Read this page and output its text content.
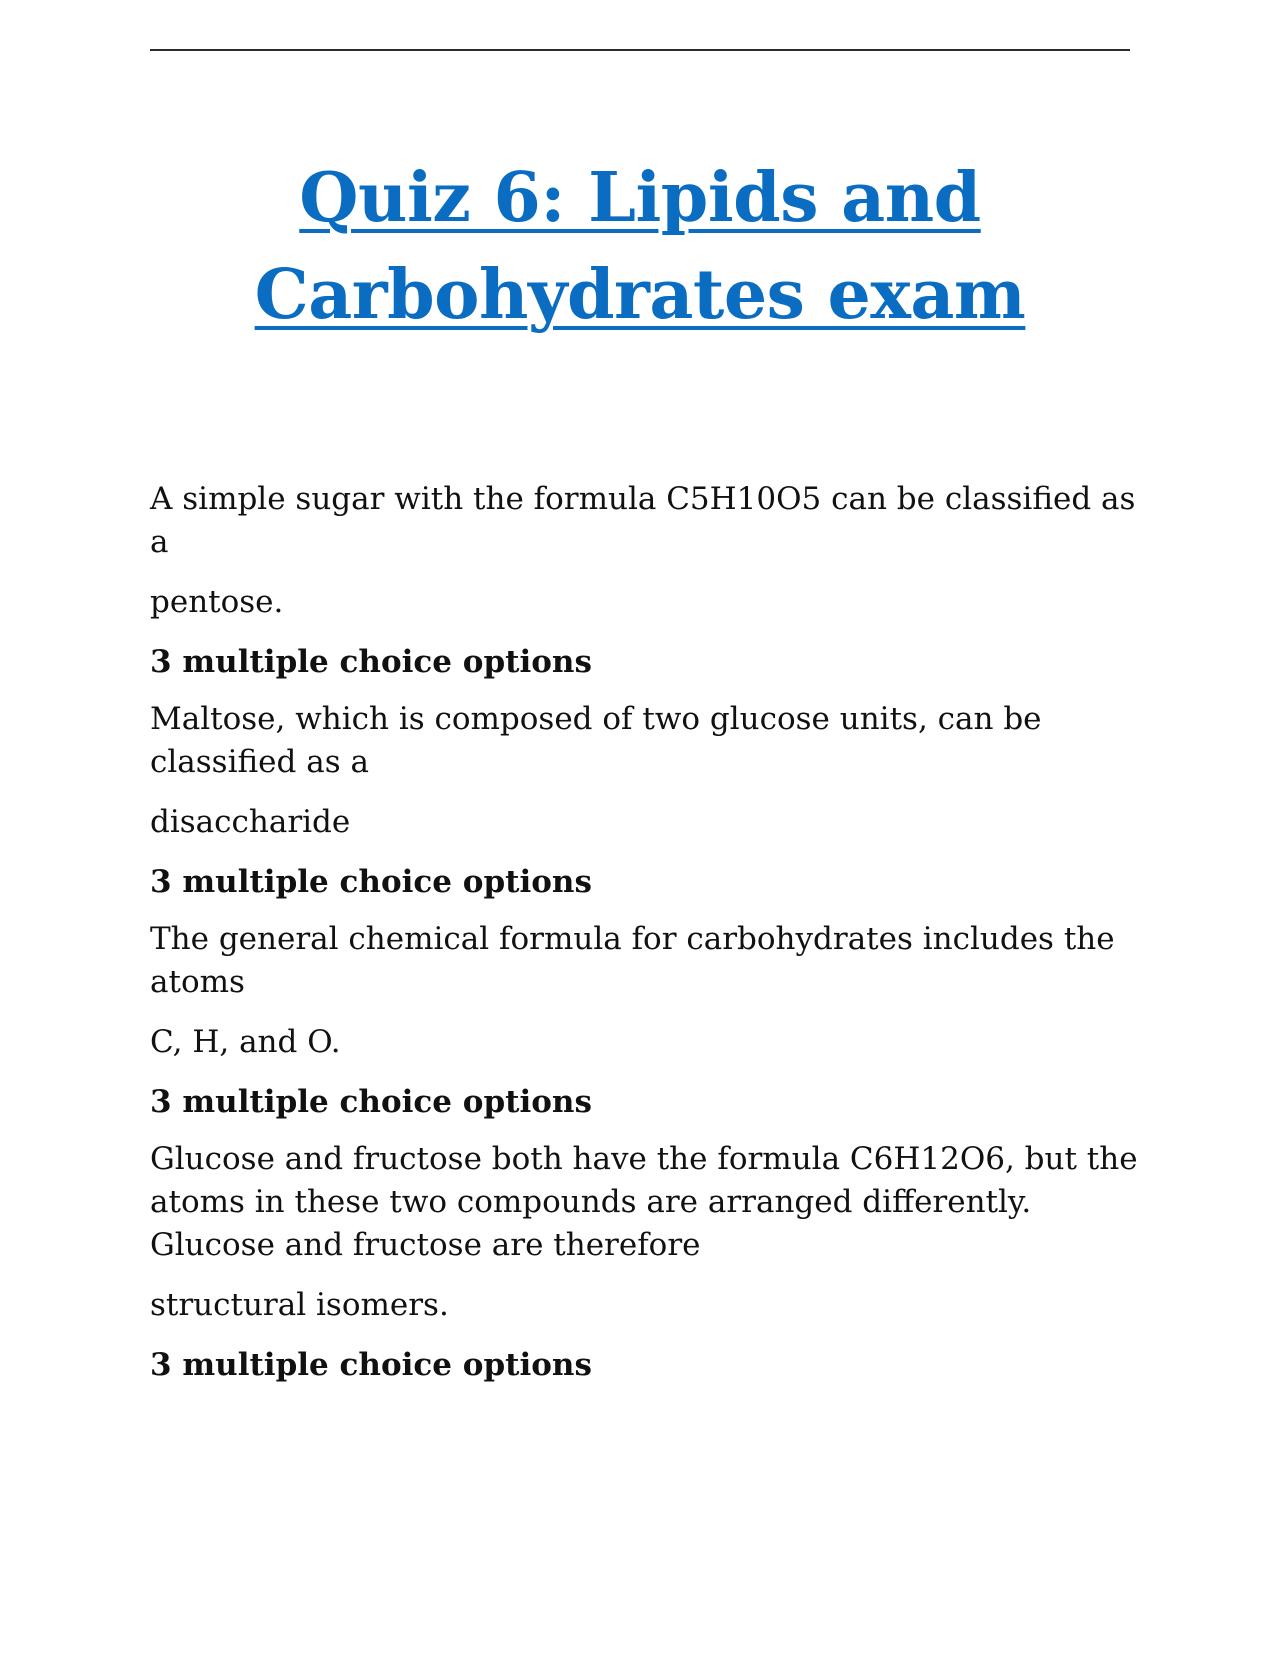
Quiz 6: Lipids and Carbohydrates exam

A simple sugar with the formula C5H10O5 can be classified as a

pentose.

3 multiple choice options

Maltose, which is composed of two glucose units, can be classified as a

disaccharide

3 multiple choice options

The general chemical formula for carbohydrates includes the atoms

C, H, and O.

3 multiple choice options

Glucose and fructose both have the formula C6H12O6, but the atoms in these two compounds are arranged differently. Glucose and fructose are therefore

structural isomers.

3 multiple choice options
